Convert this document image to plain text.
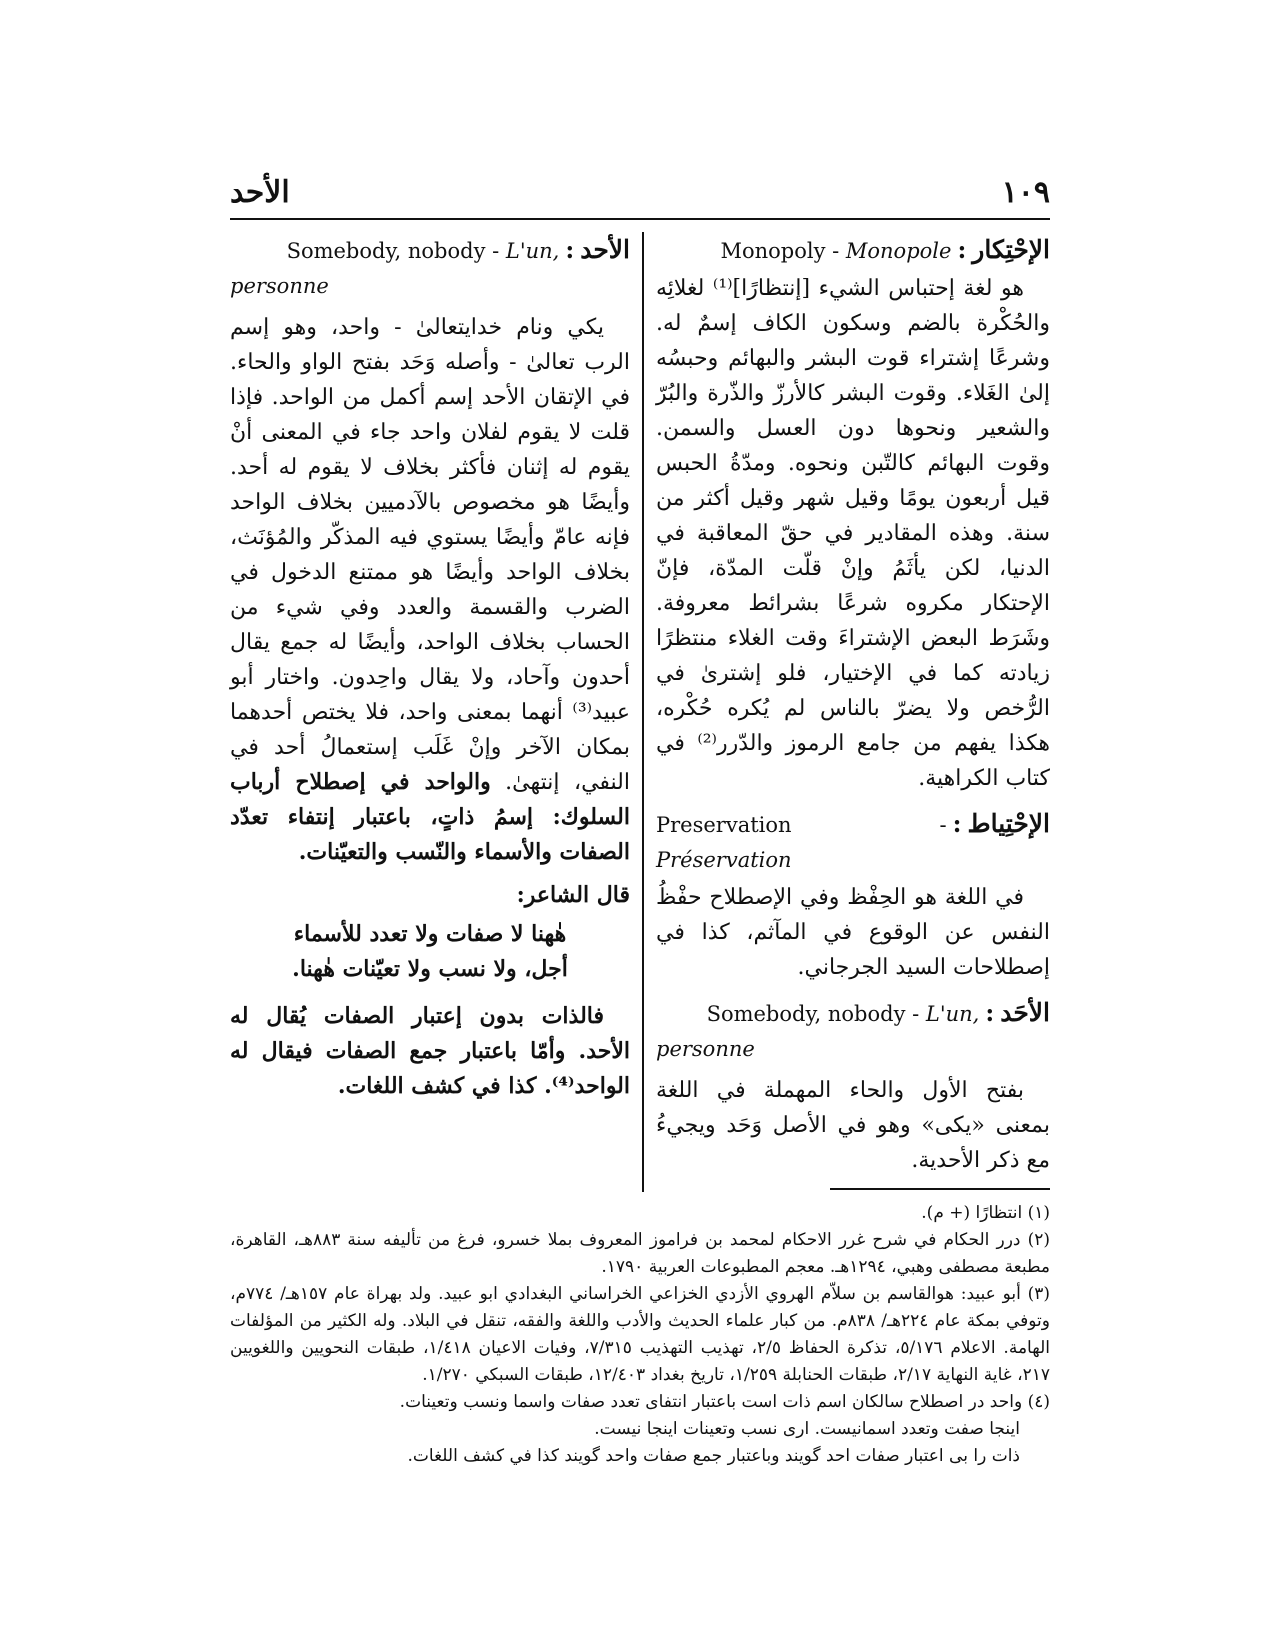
١٠٩
الأحد
الإحْتِكار
:
Monopoly - Monopole

هو لغة إحتباس الشيء [إنتظارًا]⁽¹⁾ لغلائِه والحُكْرة بالضم وسكون الكاف إسمٌ له. وشرعًا إشتراء قوت البشر والبهائم وحبسُه إلىٰ الغَلاء. وقوت البشر كالأرزّ والذّرة والبُرّ والشعير ونحوها دون العسل والسمن. وقوت البهائم كالتّبن ونحوه. ومدّةُ الحبس قيل أربعون يومًا وقيل شهر وقيل أكثر من سنة. وهذه المقادير في حقّ المعاقبة في الدنيا، لكن يأثَمُ وإنْ قلّت المدّة، فإنّ الإحتكار مكروه شرعًا بشرائط معروفة. وشَرَط البعض الإشتراءَ وقت الغلاء منتظرًا زيادته كما في الإختيار، فلو إشترىٰ في الرُّخص ولا يضرّ بالناس لم يُكره حُكْره، هكذا يفهم من جامع الرموز والدّرر⁽²⁾ في كتاب الكراهية.

الإحْتِياط
:
Preservation - Préservation

في اللغة هو الحِفْظ وفي الإصطلاح حفْظُ النفس عن الوقوع في المآثم، كذا في إصطلاحات السيد الجرجاني.

الأحَد
:
Somebody, nobody - L'un,
personne

بفتح الأول والحاء المهملة في اللغة بمعنى «يكى» وهو في الأصل وَحَد ويجيءُ مع ذكر الأحدية.

الأحد
:
Somebody, nobody - L'un,
personne

يكي ونام خدايتعالىٰ - واحد، وهو إسم الرب تعالىٰ - وأصله وَحَد بفتح الواو والحاء. في الإتقان الأحد إسم أكمل من الواحد. فإذا قلت لا يقوم لفلان واحد جاء في المعنى أنْ يقوم له إثنان فأكثر بخلاف لا يقوم له أحد. وأيضًا هو مخصوص بالآدميين بخلاف الواحد فإنه عامّ وأيضًا يستوي فيه المذكّر والمُؤنَث، بخلاف الواحد وأيضًا هو ممتنع الدخول في الضرب والقسمة والعدد وفي شيء من الحساب بخلاف الواحد، وأيضًا له جمع يقال أحدون وآحاد، ولا يقال واحِدون. واختار أبو عبيد⁽³⁾ أنهما بمعنى واحد، فلا يختص أحدهما بمكان الآخر وإنْ غَلَب إستعمالُ أحد في النفي، إنتهىٰ. والواحد في إصطلاح أرباب السلوك: إسمُ ذاتٍ، باعتبار إنتفاء تعدّد الصفات والأسماء والنّسب والتعيّنات.

قال الشاعر:

هٰهنا لا صفات ولا تعدد للأسماء

أجل، ولا نسب ولا تعيّنات هٰهنا.

فالذات بدون إعتبار الصفات يُقال له الأحد. وأمّا باعتبار جمع الصفات فيقال له الواحد⁽⁴⁾. كذا في كشف اللغات.

(١) انتظارًا (+ م).

(٢) درر الحكام في شرح غرر الاحكام لمحمد بن فراموز المعروف بملا خسرو، فرغ من تأليفه سنة ٨٨٣هـ، القاهرة، مطبعة مصطفى وهبي، ١٢٩٤هـ. معجم المطبوعات العربية ١٧٩٠.

(٣) أبو عبيد: هوالقاسم بن سلاّم الهروي الأزدي الخزاعي الخراساني البغدادي ابو عبيد. ولد بهراة عام ١٥٧هـ/ ٧٧٤م، وتوفي بمكة عام ٢٢٤هـ/ ٨٣٨م. من كبار علماء الحديث والأدب واللغة والفقه، تنقل في البلاد. وله الكثير من المؤلفات الهامة. الاعلام ٥/١٧٦، تذكرة الحفاظ ٢/٥، تهذيب التهذيب ٧/٣١٥، وفيات الاعيان ١/٤١٨، طبقات النحويين واللغويين ٢١٧، غاية النهاية ٢/١٧، طبقات الحنابلة ١/٢٥٩، تاريخ بغداد ١٢/٤٠٣، طبقات السبكي ١/٢٧٠.

(٤) واحد در اصطلاح سالكان اسم ذات است باعتبار انتفاى تعدد صفات واسما ونسب وتعينات.

اينجا صفت وتعدد اسمانيست. ارى نسب وتعينات اينجا نيست.

ذات را بى اعتبار صفات احد گويند وباعتبار جمع صفات واحد گويند كذا في كشف اللغات.
